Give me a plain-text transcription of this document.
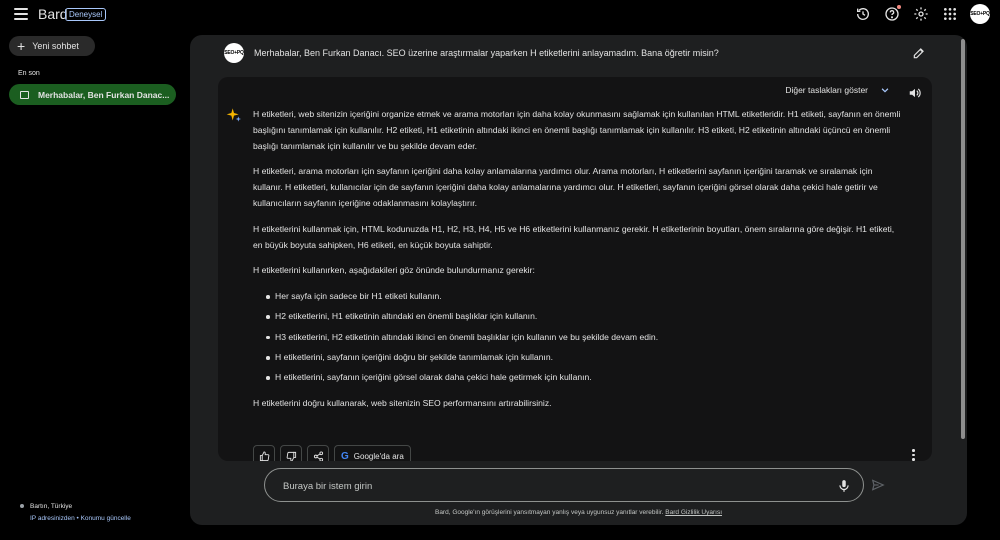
Bard Deneysel	SEO+PQ
+ Yeni sohbet
En son
Merhabalar, Ben Furkan Danac...
Bartın, Türkiye
IP adresinizden • Konumu güncelle
SEO+PQ Merhabalar, Ben Furkan Danacı. SEO üzerine araştırmalar yaparken H etiketlerini anlayamadım. Bana öğretir misin?
Diğer taslakları göster

H etiketleri, web sitenizin içeriğini organize etmek ve arama motorları için daha kolay okunmasını sağlamak için kullanılan HTML etiketleridir. H1 etiketi, sayfanın en önemli başlığını tanımlamak için kullanılır. H2 etiketi, H1 etiketinin altındaki ikinci en önemli başlığı tanımlamak için kullanılır. H3 etiketi, H2 etiketinin altındaki üçüncü en önemli başlığı tanımlamak için kullanılır ve bu şekilde devam eder.

H etiketleri, arama motorları için sayfanın içeriğini daha kolay anlamalarına yardımcı olur. Arama motorları, H etiketlerini sayfanın içeriğini taramak ve sıralamak için kullanır. H etiketleri, kullanıcılar için de sayfanın içeriğini daha kolay anlamalarına yardımcı olur. H etiketleri, sayfanın içeriğini görsel olarak daha çekici hale getirir ve kullanıcıların sayfanın içeriğine odaklanmasını kolaylaştırır.

H etiketlerini kullanmak için, HTML kodunuzda H1, H2, H3, H4, H5 ve H6 etiketlerini kullanmanız gerekir. H etiketlerinin boyutları, önem sıralarına göre değişir. H1 etiketi, en büyük boyuta sahipken, H6 etiketi, en küçük boyuta sahiptir.

H etiketlerini kullanırken, aşağıdakileri göz önünde bulundurmanız gerekir:

Her sayfa için sadece bir H1 etiketi kullanın.
H2 etiketlerini, H1 etiketinin altındaki en önemli başlıklar için kullanın.
H3 etiketlerini, H2 etiketinin altındaki ikinci en önemli başlıklar için kullanın ve bu şekilde devam edin.
H etiketlerini, sayfanın içeriğini doğru bir şekilde tanımlamak için kullanın.
H etiketlerini, sayfanın içeriğini görsel olarak daha çekici hale getirmek için kullanın.

H etiketlerini doğru kullanarak, web sitenizin SEO performansını artırabilirsiniz.

G Google'da ara
Buraya bir istem girin
Bard, Google'ın görüşlerini yansıtmayan yanlış veya uygunsuz yanıtlar verebilir. Bard Gizlilik Uyarısı
